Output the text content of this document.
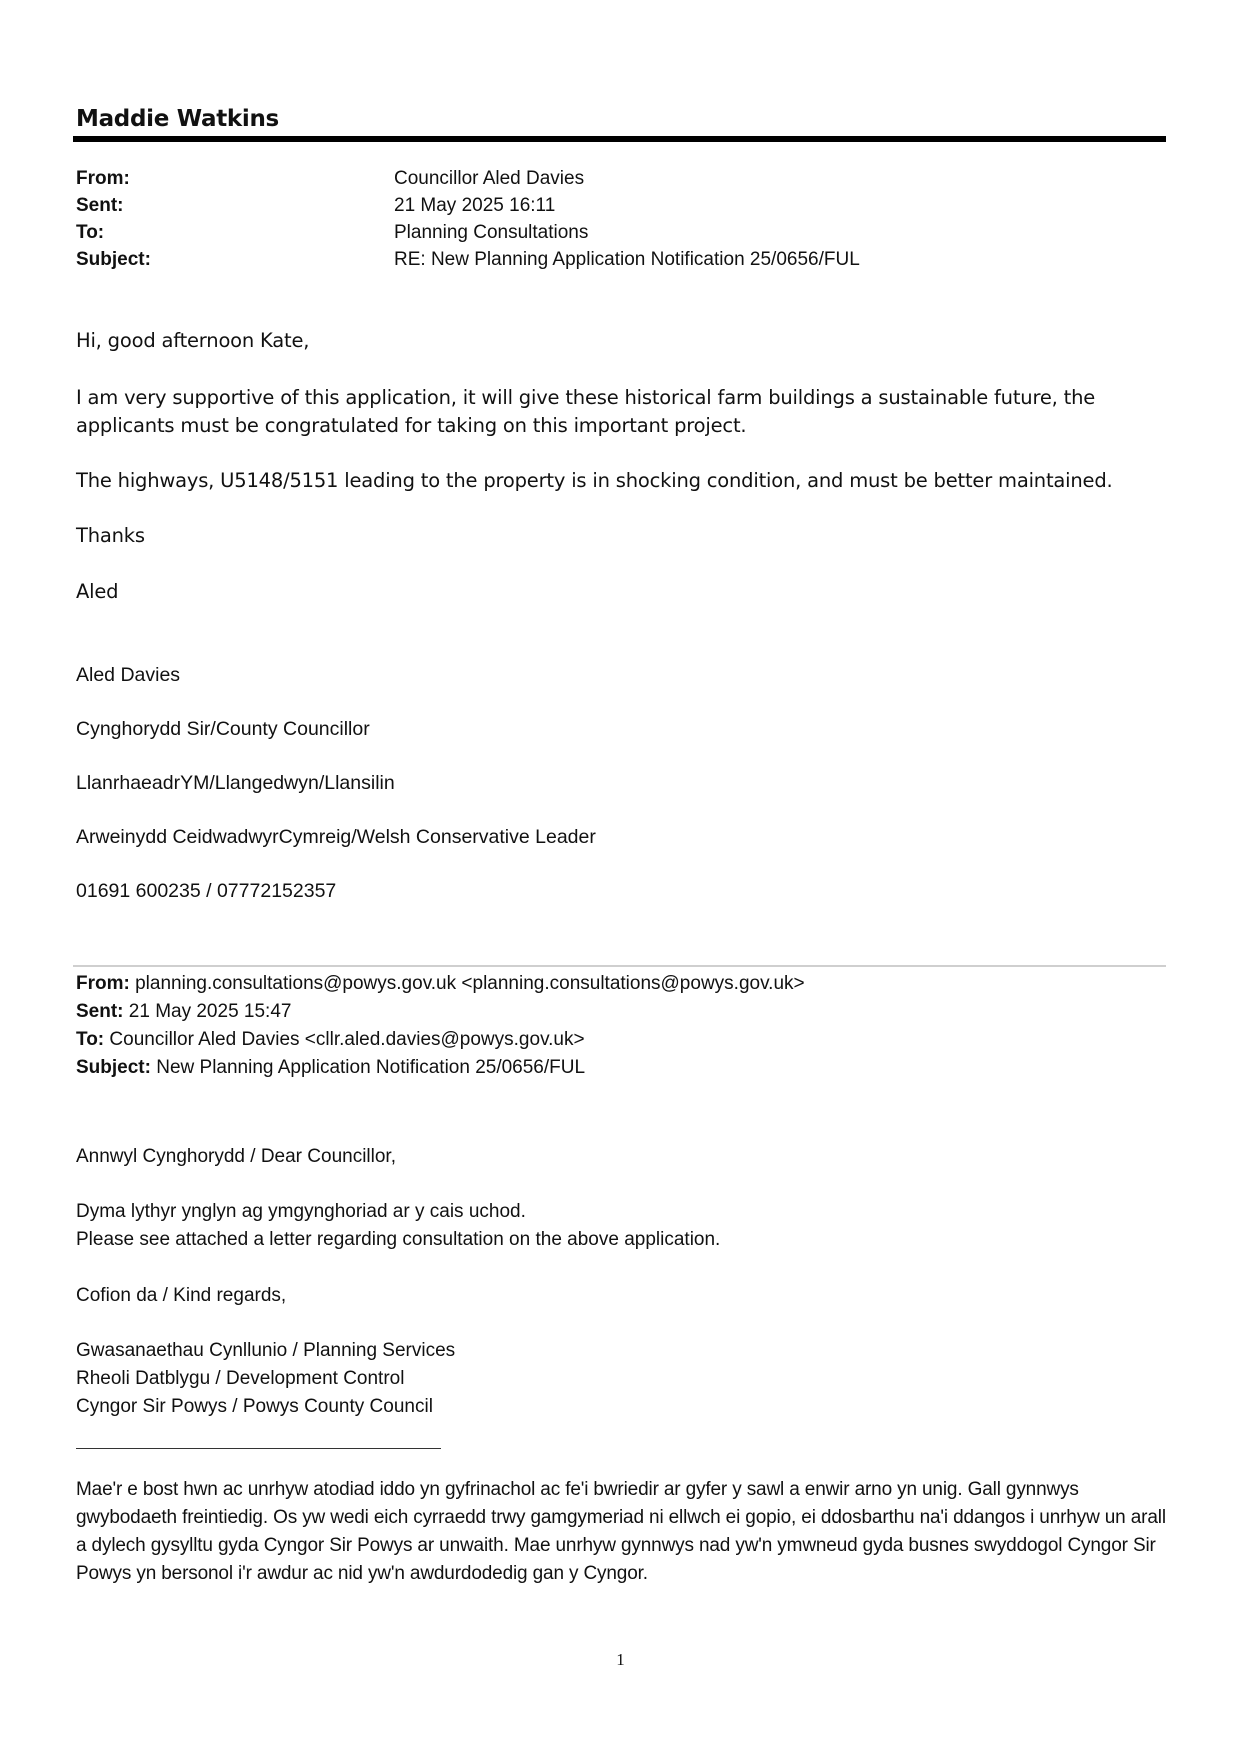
Maddie Watkins
From:	Councillor Aled Davies
Sent:	21 May 2025 16:11
To:	Planning Consultations
Subject:	RE: New Planning Application Notification 25/0656/FUL
Hi, good afternoon Kate,
I am very supportive of this application, it will give these historical farm buildings a sustainable future, the applicants must be congratulated for taking on this important project.
The highways, U5148/5151 leading to the property is in shocking condition, and must be better maintained.
Thanks
Aled
Aled Davies
Cynghorydd Sir/County Councillor
LlanrhaeadrYM/Llangedwyn/Llansilin
Arweinydd CeidwadwyrCymreig/Welsh Conservative Leader
01691 600235 / 07772152357
From: planning.consultations@powys.gov.uk <planning.consultations@powys.gov.uk>
Sent: 21 May 2025 15:47
To: Councillor Aled Davies <cllr.aled.davies@powys.gov.uk>
Subject: New Planning Application Notification 25/0656/FUL
Annwyl Cynghorydd / Dear Councillor,
Dyma lythyr ynglyn ag ymgynghoriad ar y cais uchod.
Please see attached a letter regarding consultation on the above application.
Cofion da / Kind regards,
Gwasanaethau Cynllunio / Planning Services
Rheoli Datblygu / Development Control
Cyngor Sir Powys / Powys County Council
Mae'r e bost hwn ac unrhyw atodiad iddo yn gyfrinachol ac fe'i bwriedir ar gyfer y sawl a enwir arno yn unig. Gall gynnwys gwybodaeth freintiedig. Os yw wedi eich cyrraedd trwy gamgymeriad ni ellwch ei gopio, ei ddosbarthu na'i ddangos i unrhyw un arall a dylech gysylltu gyda Cyngor Sir Powys ar unwaith. Mae unrhyw gynnwys nad yw'n ymwneud gyda busnes swyddogol Cyngor Sir Powys yn bersonol i'r awdur ac nid yw'n awdurdodedig gan y Cyngor.
1
